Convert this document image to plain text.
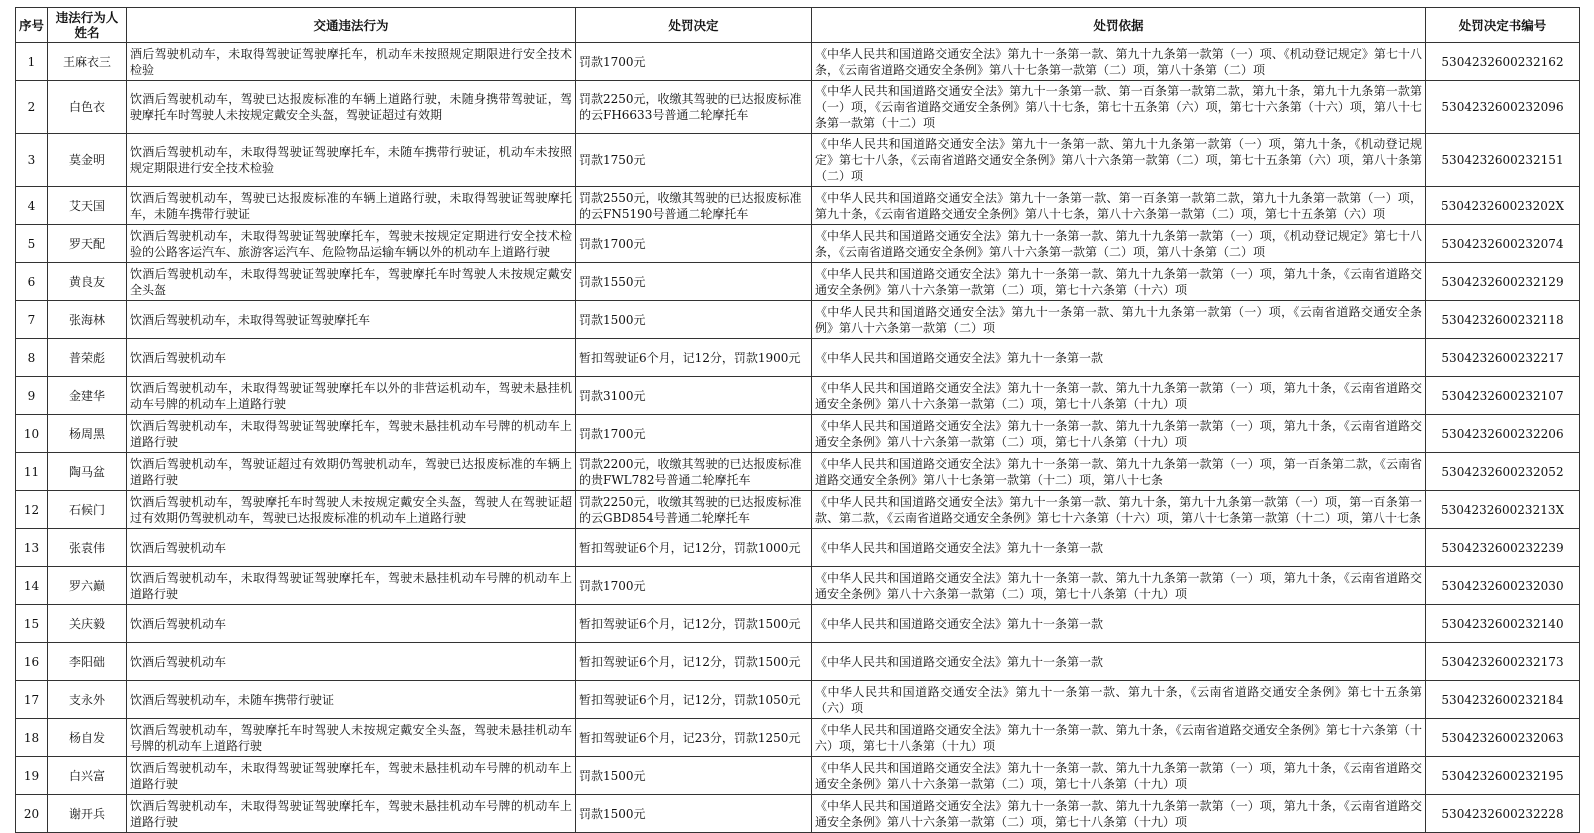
序号	违法行为人姓名	交通违法行为	处罚决定	处罚依据	处罚决定书编号
1	王麻衣三	酒后驾驶机动车，未取得驾驶证驾驶摩托车，机动车未按照规定期限进行安全技术检验	罚款1700元	《中华人民共和国道路交通安全法》第九十一条第一款、第九十九条第一款第（一）项、《机动登记规定》第七十八条，《云南省道路交通安全条例》第八十七条第一款第（二）项，第八十条第（二）项	5304232600232162
2	白色衣	饮酒后驾驶机动车，驾驶已达报废标准的车辆上道路行驶，未随身携带驾驶证，驾驶摩托车时驾驶人未按规定戴安全头盔，驾驶证超过有效期	罚款2250元，收缴其驾驶的已达报废标准的云FH6633号普通二轮摩托车	《中华人民共和国道路交通安全法》第九十一条第一款、第一百条第一款第二款，第九十条，第九十九条第一款第（一）项，《云南省道路交通安全条例》第八十七条，第七十五条第（六）项，第七十六条第（十六）项，第八十七条第一款第（十二）项	5304232600232096
3	莫金明	饮酒后驾驶机动车，未取得驾驶证驾驶摩托车，未随车携带行驶证，机动车未按照规定期限进行安全技术检验	罚款1750元	《中华人民共和国道路交通安全法》第九十一条第一款、第九十九条第一款第（一）项，第九十条，《机动登记规定》第七十八条，《云南省道路交通安全条例》第八十六条第一款第（二）项，第七十五条第（六）项，第八十条第（二）项	5304232600232151
4	艾天国	饮酒后驾驶机动车，驾驶已达报废标准的车辆上道路行驶，未取得驾驶证驾驶摩托车，未随车携带行驶证	罚款2550元，收缴其驾驶的已达报废标准的云FN5190号普通二轮摩托车	《中华人民共和国道路交通安全法》第九十一条第一款、第一百条第一款第二款，第九十九条第一款第（一）项，第九十条，《云南省道路交通安全条例》第八十七条，第八十六条第一款第（二）项，第七十五条第（六）项	530423260023202X
5	罗天配	饮酒后驾驶机动车，未取得驾驶证驾驶摩托车，驾驶未按规定定期进行安全技术检验的公路客运汽车、旅游客运汽车、危险物品运输车辆以外的机动车上道路行驶	罚款1700元	《中华人民共和国道路交通安全法》第九十一条第一款、第九十九条第一款第（一）项，《机动登记规定》第七十八条，《云南省道路交通安全条例》第八十六条第一款第（二）项，第八十条第（二）项	5304232600232074
6	黄良友	饮酒后驾驶机动车，未取得驾驶证驾驶摩托车，驾驶摩托车时驾驶人未按规定戴安全头盔	罚款1550元	《中华人民共和国道路交通安全法》第九十一条第一款、第九十九条第一款第（一）项，第九十条，《云南省道路交通安全条例》第八十六条第一款第（二）项，第七十六条第（十六）项	5304232600232129
7	张海林	饮酒后驾驶机动车，未取得驾驶证驾驶摩托车	罚款1500元	《中华人民共和国道路交通安全法》第九十一条第一款、第九十九条第一款第（一）项，《云南省道路交通安全条例》第八十六条第一款第（二）项	5304232600232118
8	普荣彪	饮酒后驾驶机动车	暂扣驾驶证6个月，记12分，罚款1900元	《中华人民共和国道路交通安全法》第九十一条第一款	5304232600232217
9	金建华	饮酒后驾驶机动车，未取得驾驶证驾驶摩托车以外的非营运机动车，驾驶未悬挂机动车号牌的机动车上道路行驶	罚款3100元	《中华人民共和国道路交通安全法》第九十一条第一款、第九十九条第一款第（一）项，第九十条，《云南省道路交通安全条例》第八十六条第一款第（二）项，第七十八条第（十九）项	5304232600232107
10	杨周黑	饮酒后驾驶机动车，未取得驾驶证驾驶摩托车，驾驶未悬挂机动车号牌的机动车上道路行驶	罚款1700元	《中华人民共和国道路交通安全法》第九十一条第一款、第九十九条第一款第（一）项，第九十条，《云南省道路交通安全条例》第八十六条第一款第（二）项，第七十八条第（十九）项	5304232600232206
11	陶马盆	饮酒后驾驶机动车，驾驶证超过有效期仍驾驶机动车，驾驶已达报废标准的车辆上道路行驶	罚款2200元，收缴其驾驶的已达报废标准的贵FWL782号普通二轮摩托车	《中华人民共和国道路交通安全法》第九十一条第一款、第九十九条第一款第（一）项，第一百条第二款，《云南省道路交通安全条例》第八十七条第一款第（十二）项，第八十七条	5304232600232052
12	石候门	饮酒后驾驶机动车，驾驶摩托车时驾驶人未按规定戴安全头盔，驾驶人在驾驶证超过有效期仍驾驶机动车，驾驶已达报废标准的机动车上道路行驶	罚款2250元，收缴其驾驶的已达报废标准的云GBD854号普通二轮摩托车	《中华人民共和国道路交通安全法》第九十一条第一款、第九十条，第九十九条第一款第（一）项，第一百条第一款、第二款，《云南省道路交通安全条例》第七十六条第（十六）项，第八十七条第一款第（十二）项，第八十七条	530423260023213X
13	张袁伟	饮酒后驾驶机动车	暂扣驾驶证6个月，记12分，罚款1000元	《中华人民共和国道路交通安全法》第九十一条第一款	5304232600232239
14	罗六巅	饮酒后驾驶机动车，未取得驾驶证驾驶摩托车，驾驶未悬挂机动车号牌的机动车上道路行驶	罚款1700元	《中华人民共和国道路交通安全法》第九十一条第一款、第九十九条第一款第（一）项，第九十条，《云南省道路交通安全条例》第八十六条第一款第（二）项，第七十八条第（十九）项	5304232600232030
15	关庆毅	饮酒后驾驶机动车	暂扣驾驶证6个月，记12分，罚款1500元	《中华人民共和国道路交通安全法》第九十一条第一款	5304232600232140
16	李阳础	饮酒后驾驶机动车	暂扣驾驶证6个月，记12分，罚款1500元	《中华人民共和国道路交通安全法》第九十一条第一款	5304232600232173
17	支永外	饮酒后驾驶机动车，未随车携带行驶证	暂扣驾驶证6个月，记12分，罚款1050元	《中华人民共和国道路交通安全法》第九十一条第一款、第九十条，《云南省道路交通安全条例》第七十五条第（六）项	5304232600232184
18	杨自发	饮酒后驾驶机动车，驾驶摩托车时驾驶人未按规定戴安全头盔，驾驶未悬挂机动车号牌的机动车上道路行驶	暂扣驾驶证6个月，记23分，罚款1250元	《中华人民共和国道路交通安全法》第九十一条第一款、第九十条，《云南省道路交通安全条例》第七十六条第（十六）项，第七十八条第（十九）项	5304232600232063
19	白兴富	饮酒后驾驶机动车，未取得驾驶证驾驶摩托车，驾驶未悬挂机动车号牌的机动车上道路行驶	罚款1500元	《中华人民共和国道路交通安全法》第九十一条第一款、第九十九条第一款第（一）项，第九十条，《云南省道路交通安全条例》第八十六条第一款第（二）项，第七十八条第（十九）项	5304232600232195
20	谢开兵	饮酒后驾驶机动车，未取得驾驶证驾驶摩托车，驾驶未悬挂机动车号牌的机动车上道路行驶	罚款1500元	《中华人民共和国道路交通安全法》第九十一条第一款、第九十九条第一款第（一）项，第九十条，《云南省道路交通安全条例》第八十六条第一款第（二）项，第七十八条第（十九）项	5304232600232228
